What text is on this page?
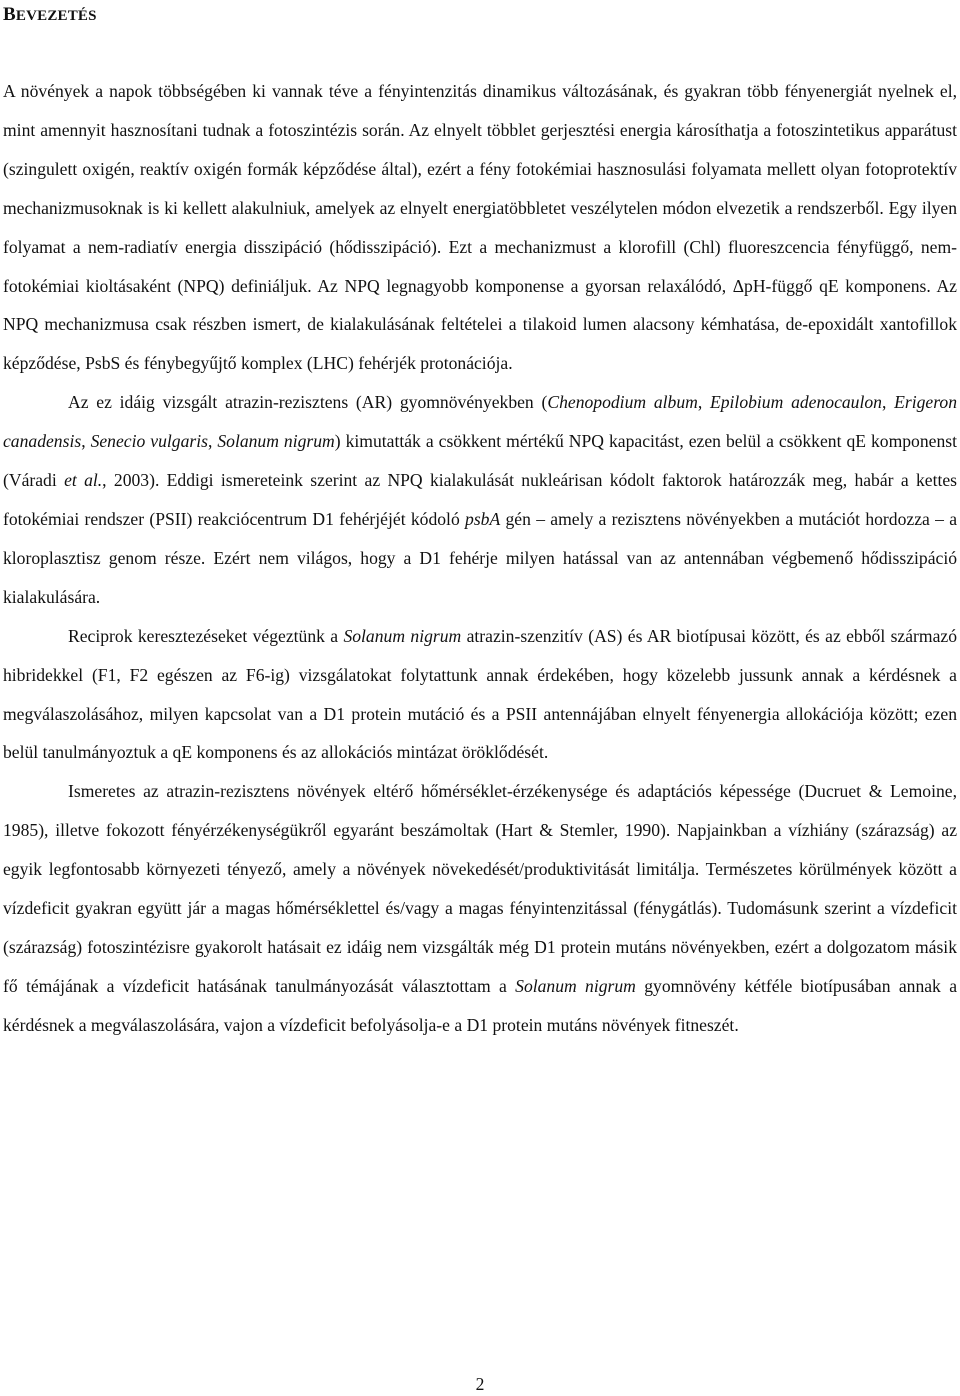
BEVEZETÉS

A növények a napok többségében ki vannak téve a fényintenzitás dinamikus változásának, és gyakran több fényenergiát nyelnek el, mint amennyit hasznosítani tudnak a fotoszintézis során. Az elnyelt többlet gerjesztési energia károsíthatja a fotoszintetikus apparátust (szingulett oxigén, reaktív oxigén formák képződése által), ezért a fény fotokémiai hasznosulási folyamata mellett olyan fotoprotektív mechanizmusoknak is ki kellett alakulniuk, amelyek az elnyelt energiatöbbletet veszélytelen módon elvezetik a rendszerből. Egy ilyen folyamat a nem-radiatív energia disszipáció (hődisszipáció). Ezt a mechanizmust a klorofill (Chl) fluoreszcencia fényfüggő, nem-fotokémiai kioltásaként (NPQ) definiáljuk. Az NPQ legnagyobb komponense a gyorsan relaxálódó, ΔpH-függő qE komponens. Az NPQ mechanizmusa csak részben ismert, de kialakulásának feltételei a tilakoid lumen alacsony kémhatása, de-epoxidált xantofillok képződése, PsbS és fénybegyűjtő komplex (LHC) fehérjék protonációja.

Az ez idáig vizsgált atrazin-rezisztens (AR) gyomnövényekben (Chenopodium album, Epilobium adenocaulon, Erigeron canadensis, Senecio vulgaris, Solanum nigrum) kimutatták a csökkent mértékű NPQ kapacitást, ezen belül a csökkent qE komponenst (Váradi et al., 2003). Eddigi ismereteink szerint az NPQ kialakulását nukleárisan kódolt faktorok határozzák meg, habár a kettes fotokémiai rendszer (PSII) reakciócentrum D1 fehérjéjét kódoló psbA gén – amely a rezisztens növényekben a mutációt hordozza – a kloroplasztisz genom része. Ezért nem világos, hogy a D1 fehérje milyen hatással van az antennában végbemenő hődisszipáció kialakulására.

Reciprok keresztezéseket végeztünk a Solanum nigrum atrazin-szenzitív (AS) és AR biotípusai között, és az ebből származó hibridekkel (F1, F2 egészen az F6-ig) vizsgálatokat folytattunk annak érdekében, hogy közelebb jussunk annak a kérdésnek a megválaszolásához, milyen kapcsolat van a D1 protein mutáció és a PSII antennájában elnyelt fényenergia allokációja között; ezen belül tanulmányoztuk a qE komponens és az allokációs mintázat öröklődését.

Ismeretes az atrazin-rezisztens növények eltérő hőmérséklet-érzékenysége és adaptációs képessége (Ducruet & Lemoine, 1985), illetve fokozott fényérzékenységükről egyaránt beszámoltak (Hart & Stemler, 1990). Napjainkban a vízhiány (szárazság) az egyik legfontosabb környezeti tényező, amely a növények növekedését/produktivitását limitálja. Természetes körülmények között a vízdeficit gyakran együtt jár a magas hőmérséklettel és/vagy a magas fényintenzitással (fénygátlás). Tudomásunk szerint a vízdeficit (szárazság) fotoszintézisre gyakorolt hatásait ez idáig nem vizsgálták még D1 protein mutáns növényekben, ezért a dolgozatom másik fő témájának a vízdeficit hatásának tanulmányozását választottam a Solanum nigrum gyomnövény kétféle biotípusában annak a kérdésnek a megválaszolására, vajon a vízdeficit befolyásolja-e a D1 protein mutáns növények fitneszét.

2
